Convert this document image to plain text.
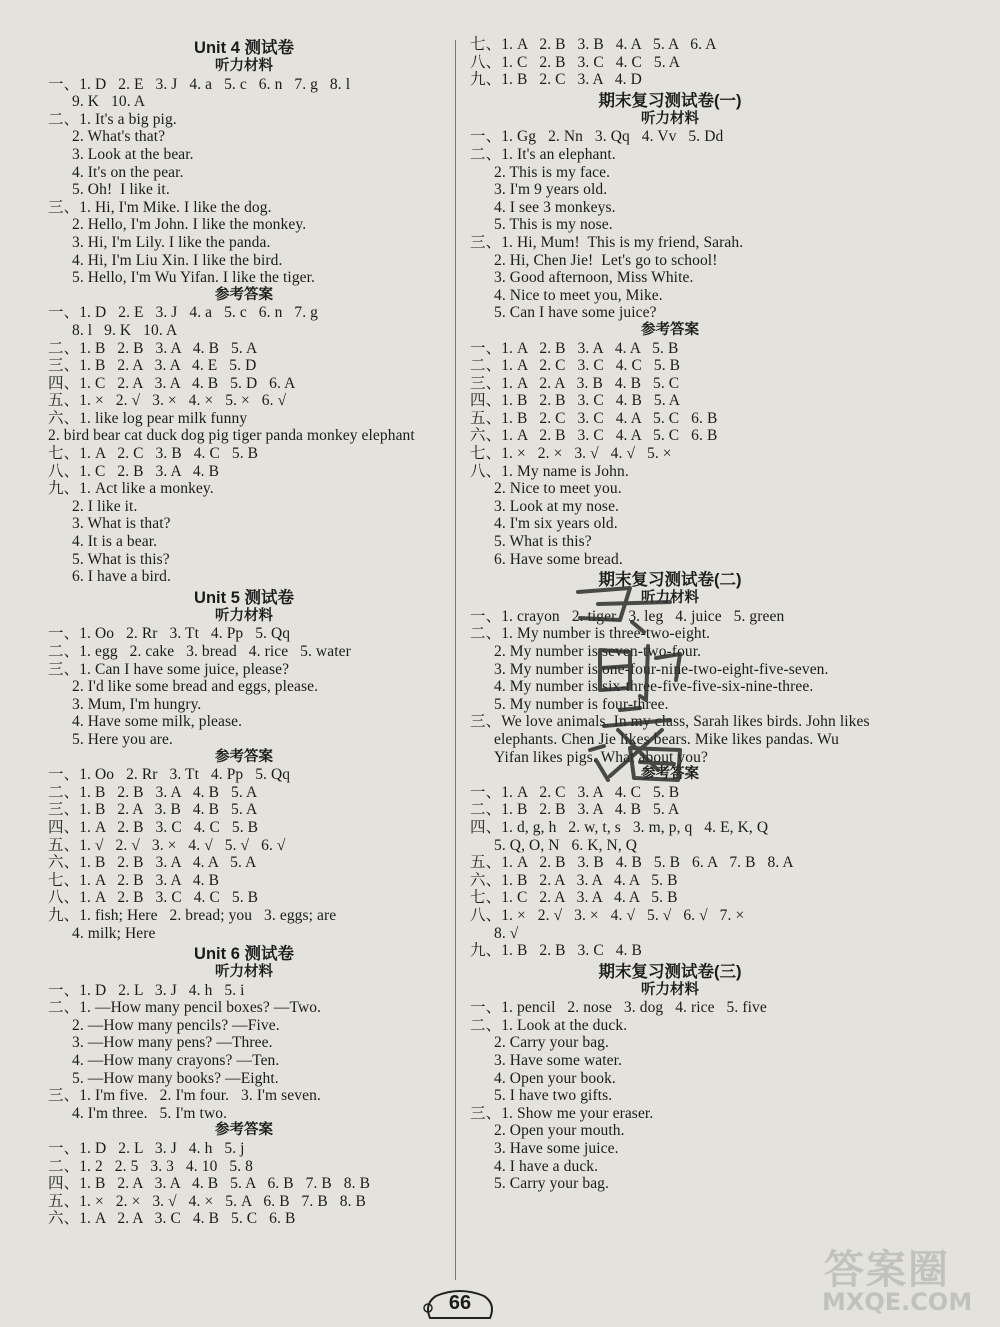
Unit 4 测试卷
听力材料
一、1. D   2. E   3. J   4. a   5. c   6. n   7. g   8. l
9. K   10. A
二、1. It's a big pig.
2. What's that?
3. Look at the bear.
4. It's on the pear.
5. Oh!  I like it.
三、1. Hi, I'm Mike. I like the dog.
2. Hello, I'm John. I like the monkey.
3. Hi, I'm Lily. I like the panda.
4. Hi, I'm Liu Xin. I like the bird.
5. Hello, I'm Wu Yifan. I like the tiger.
参考答案
一、1. D   2. E   3. J   4. a   5. c   6. n   7. g
8. l   9. K   10. A
二、1. B   2. B   3. A   4. B   5. A
三、1. B   2. A   3. A   4. E   5. D
四、1. C   2. A   3. A   4. B   5. D   6. A
五、1. ×   2. √   3. ×   4. ×   5. ×   6. √
六、1. like log pear milk funny
2. bird bear cat duck dog pig tiger panda monkey elephant
七、1. A   2. C   3. B   4. C   5. B
八、1. C   2. B   3. A   4. B
九、1. Act like a monkey.
2. I like it.
3. What is that?
4. It is a bear.
5. What is this?
6. I have a bird.
Unit 5 测试卷
听力材料
一、1. Oo   2. Rr   3. Tt   4. Pp   5. Qq
二、1. egg   2. cake   3. bread   4. rice   5. water
三、1. Can I have some juice, please?
2. I'd like some bread and eggs, please.
3. Mum, I'm hungry.
4. Have some milk, please.
5. Here you are.
参考答案
一、1. Oo   2. Rr   3. Tt   4. Pp   5. Qq
二、1. B   2. B   3. A   4. B   5. A
三、1. B   2. A   3. B   4. B   5. A
四、1. A   2. B   3. C   4. C   5. B
五、1. √   2. √   3. ×   4. √   5. √   6. √
六、1. B   2. B   3. A   4. A   5. A
七、1. A   2. B   3. A   4. B
八、1. A   2. B   3. C   4. C   5. B
九、1. fish; Here   2. bread; you   3. eggs; are
4. milk; Here
Unit 6 测试卷
听力材料
一、1. D   2. L   3. J   4. h   5. i
二、1. —How many pencil boxes? —Two.
2. —How many pencils? —Five.
3. —How many pens? —Three.
4. —How many crayons? —Ten.
5. —How many books? —Eight.
三、1. I'm five.   2. I'm four.   3. I'm seven.
4. I'm three.   5. I'm two.
参考答案
一、1. D   2. L   3. J   4. h   5. j
二、1. 2   2. 5   3. 3   4. 10   5. 8
四、1. B   2. A   3. A   4. B   5. A   6. B   7. B   8. B
五、1. ×   2. ×   3. √   4. ×   5. A   6. B   7. B   8. B
六、1. A   2. A   3. C   4. B   5. C   6. B
七、1. A   2. B   3. B   4. A   5. A   6. A
八、1. C   2. B   3. C   4. C   5. A
九、1. B   2. C   3. A   4. D
期末复习测试卷(一)
听力材料
一、1. Gg   2. Nn   3. Qq   4. Vv   5. Dd
二、1. It's an elephant.
2. This is my face.
3. I'm 9 years old.
4. I see 3 monkeys.
5. This is my nose.
三、1. Hi, Mum!  This is my friend, Sarah.
2. Hi, Chen Jie!  Let's go to school!
3. Good afternoon, Miss White.
4. Nice to meet you, Mike.
5. Can I have some juice?
参考答案
一、1. A   2. B   3. A   4. A   5. B
二、1. A   2. C   3. C   4. C   5. B
三、1. A   2. A   3. B   4. B   5. C
四、1. B   2. B   3. C   4. B   5. A
五、1. B   2. C   3. C   4. A   5. C   6. B
六、1. A   2. B   3. C   4. A   5. C   6. B
七、1. ×   2. ×   3. √   4. √   5. ×
八、1. My name is John.
2. Nice to meet you.
3. Look at my nose.
4. I'm six years old.
5. What is this?
6. Have some bread.
期末复习测试卷(二)
听力材料
一、1. crayon   2. tiger   3. leg   4. juice   5. green
二、1. My number is three-two-eight.
2. My number is seven-two-four.
3. My number is one-four-nine-two-eight-five-seven.
4. My number is six-three-five-five-six-nine-three.
5. My number is four-three.
三、We love animals. In my class, Sarah likes birds. John likes elephants. Chen Jie likes bears. Mike likes pandas. Wu Yifan likes pigs. What about you?
参考答案
一、1. A   2. C   3. A   4. C   5. B
二、1. B   2. B   3. A   4. B   5. A
四、1. d, g, h   2. w, t, s   3. m, p, q   4. E, K, Q
5. Q, O, N   6. K, N, Q
五、1. A   2. B   3. B   4. B   5. B   6. A   7. B   8. A
六、1. B   2. A   3. A   4. A   5. B
七、1. C   2. A   3. A   4. A   5. B
八、1. ×   2. √   3. ×   4. √   5. √   6. √   7. ×
8. √
九、1. B   2. B   3. C   4. B
期末复习测试卷(三)
听力材料
一、1. pencil   2. nose   3. dog   4. rice   5. five
二、1. Look at the duck.
2. Carry your bag.
3. Have some water.
4. Open your book.
5. I have two gifts.
三、1. Show me your eraser.
2. Open your mouth.
3. Have some juice.
4. I have a duck.
5. Carry your bag.
66
答案圈
MXQE.COM
